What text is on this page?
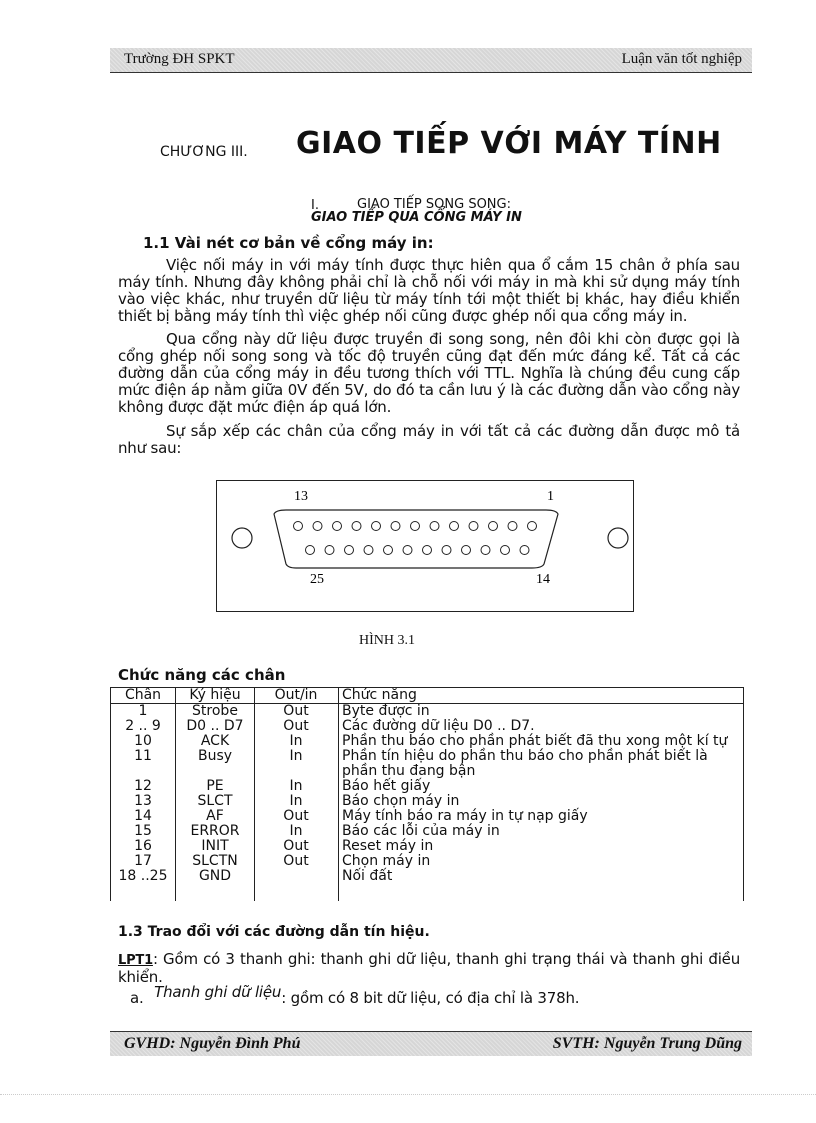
Trường ĐH SPKT	Luận văn tốt nghiệp
CHƯƠNG III. GIAO TIẾP VỚI MÁY TÍNH
I.	GIAO TIẾP SONG SONG:
GIAO TIẾP QUA CỔNG MÁY IN
1.1 Vài nét cơ bản về cổng máy in:
Việc nối máy in với máy tính được thực hiên qua ổ cắm 15 chân ở phía sau máy tính. Nhưng đây không phải chỉ là chỗ nối với máy in mà khi sử dụng máy tính vào việc khác, như truyền dữ liệu từ máy tính tới một thiết bị khác, hay điều khiển thiết bị bằng máy tính thì việc ghép nối cũng được ghép nối qua cổng máy in.
Qua cổng này dữ liệu được truyền đi song song, nên đôi khi còn được gọi là cổng ghép nối song song và tốc độ truyền cũng đạt đến mức đáng kể. Tất cả các đường dẫn của cổng máy in đều tương thích với TTL. Nghĩa là chúng đều cung cấp mức điện áp nằm giữa 0V đến 5V, do đó ta cần lưu ý là các đường dẫn vào cổng này không được đặt mức điện áp quá lớn.
Sự sắp xếp các chân của cổng máy in với tất cả các đường dẫn được mô tả như sau:
13	1
25	14
HÌNH 3.1
Chức năng các chân
Chân	Ký hiệu	Out/in	Chức năng
1	Strobe	Out	Byte được in
2 .. 9	D0 .. D7	Out	Các đường dữ liệu D0 .. D7.
10	ACK	In	Phần thu báo cho phần phát biết đã thu xong một kí tự
11	Busy	In	Phần tín hiệu do phần thu báo cho phần phát biết là phần thu đang bận
12	PE	In	Báo hết giấy
13	SLCT	In	Báo chọn máy in
14	AF	Out	Máy tính báo ra máy in tự nạp giấy
15	ERROR	In	Báo các lỗi của máy in
16	INIT	Out	Reset máy in
17	SLCTN	Out	Chọn máy in
18 ..25	GND		Nối đất
1.3 Trao đổi với các đường dẫn tín hiệu.
LPT1: Gồm có 3 thanh ghi: thanh ghi dữ liệu, thanh ghi trạng thái và thanh ghi điều khiển.
a. Thanh ghi dữ liệu: gồm có 8 bit dữ liệu, có địa chỉ là 378h.
GVHD: Nguyễn Đình Phú	SVTH: Nguyễn Trung Dũng
